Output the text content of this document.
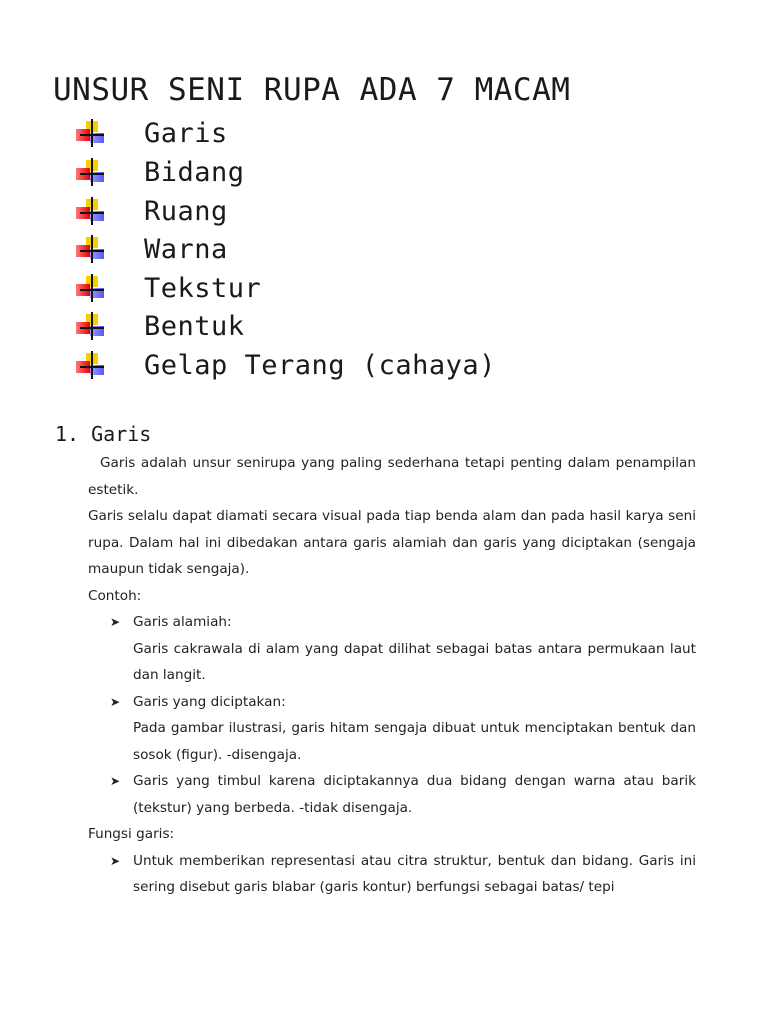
UNSUR SENI RUPA ADA 7 MACAM
Garis
Bidang
Ruang
Warna
Tekstur
Bentuk
Gelap Terang (cahaya)
1. Garis

Garis adalah unsur senirupa yang paling sederhana tetapi penting dalam penampilan estetik.

Garis selalu dapat diamati secara visual pada tiap benda alam dan pada hasil karya seni rupa. Dalam hal ini dibedakan antara garis alamiah dan garis yang diciptakan (sengaja maupun tidak sengaja).

Contoh:

➤ Garis alamiah:

Garis cakrawala di alam yang dapat dilihat sebagai batas antara permukaan laut dan langit.

➤ Garis yang diciptakan:

Pada gambar ilustrasi, garis hitam sengaja dibuat untuk menciptakan bentuk dan sosok (figur). -disengaja.

➤ Garis yang timbul karena diciptakannya dua bidang dengan warna atau barik (tekstur) yang berbeda. -tidak disengaja.

Fungsi garis:

➤ Untuk memberikan representasi atau citra struktur, bentuk dan bidang. Garis ini sering disebut garis blabar (garis kontur) berfungsi sebagai batas/ tepi
